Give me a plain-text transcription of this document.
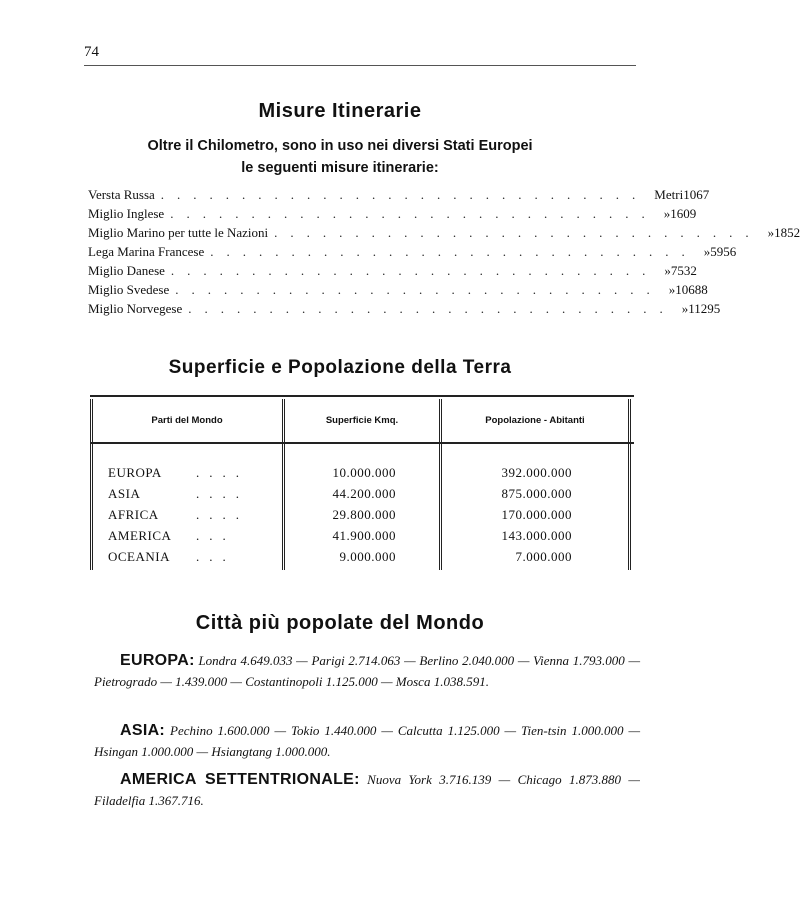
74
Misure Itinerarie
Oltre il Chilometro, sono in uso nei diversi Stati Europei
le seguenti misure itinerarie:
Versta Russa .............................. Metri 1067
Miglio Inglese .............................. » 1609
Miglio Marino per tutte le Nazioni .............................. » 1852
Lega Marina Francese .............................. » 5956
Miglio Danese .............................. » 7532
Miglio Svedese .............................. » 10688
Miglio Norvegese .............................. » 11295
Superficie e Popolazione della Terra
Parti del Mondo	Superficie Kmq.	Popolazione - Abitanti
EUROPA	....	10.000.000	392.000.000
ASIA	....	44.200.000	875.000.000
AFRICA	....	29.800.000	170.000.000
AMERICA ...	41.900.000	143.000.000
OCEANIA ...	9.000.000	7.000.000
Città più popolate del Mondo
EUROPA: Londra 4.649.033 — Parigi 2.714.063 — Berlino 2.040.000 — Vienna 1.793.000 — Pietrogrado — 1.439.000 — Costantinopoli 1.125.000 — Mosca 1.038.591.
ASIA: Pechino 1.600.000 — Tokio 1.440.000 — Calcutta 1.125.000 — Tien-tsin 1.000.000 — Hsingan 1.000.000 — Hsiangtang 1.000.000.
AMERICA SETTENTRIONALE: Nuova York 3.716.139 — Chicago 1.873.880 — Filadelfia 1.367.716.
